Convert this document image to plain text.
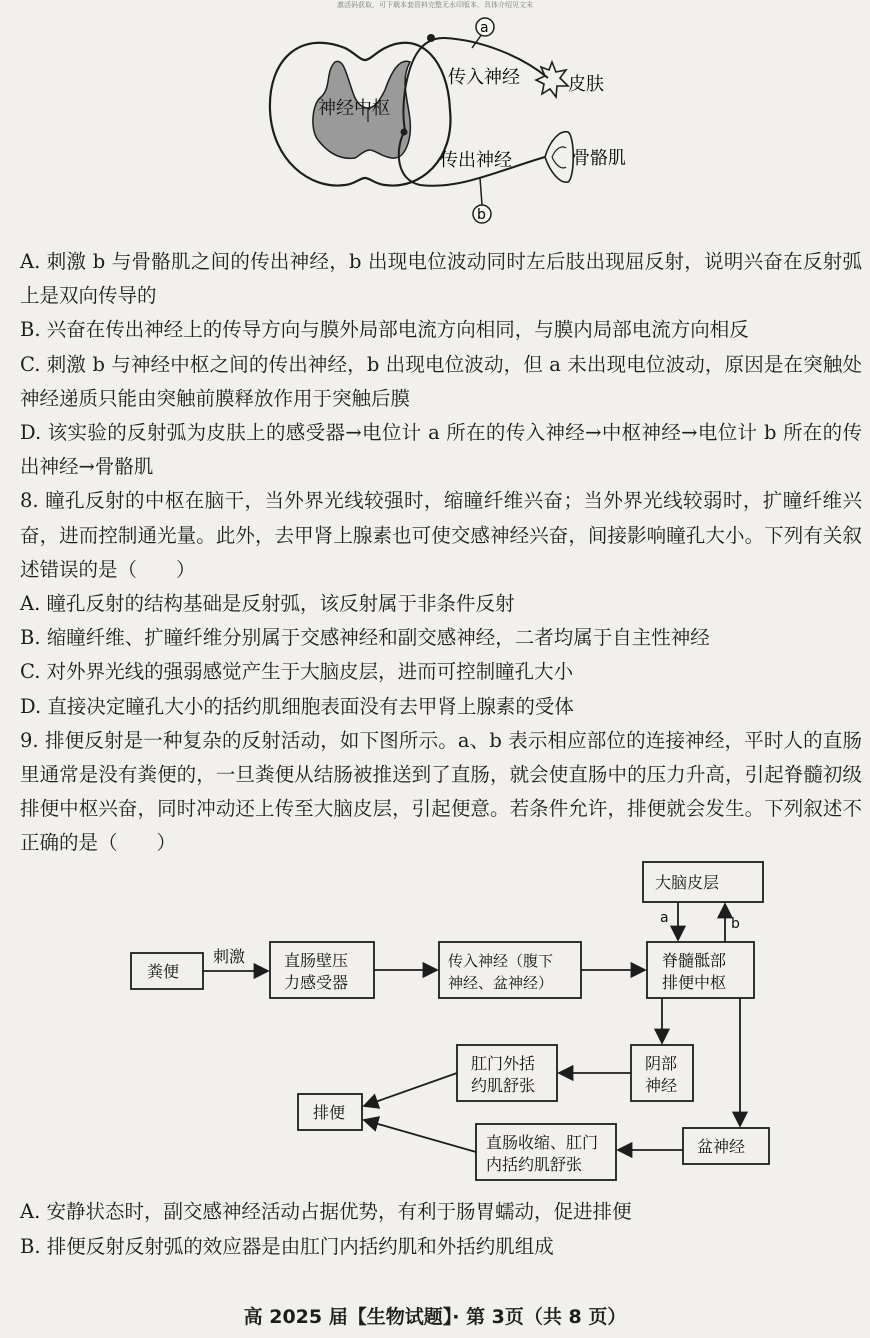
激活码获取，可下载本套资料完整无水印版本，具体介绍见文末
神经中枢
a
b
传入神经
传出神经
皮肤
骨骼肌

A. 刺激 b 与骨骼肌之间的传出神经，b 出现电位波动同时左后肢出现屈反射，说明兴奋在反射弧上是双向传导的

B. 兴奋在传出神经上的传导方向与膜外局部电流方向相同，与膜内局部电流方向相反

C. 刺激 b 与神经中枢之间的传出神经，b 出现电位波动，但 a 未出现电位波动，原因是在突触处神经递质只能由突触前膜释放作用于突触后膜

D. 该实验的反射弧为皮肤上的感受器→电位计 a 所在的传入神经→中枢神经→电位计 b 所在的传出神经→骨骼肌

8. 瞳孔反射的中枢在脑干，当外界光线较强时，缩瞳纤维兴奋；当外界光线较弱时，扩瞳纤维兴奋，进而控制通光量。此外，去甲肾上腺素也可使交感神经兴奋，间接影响瞳孔大小。下列有关叙述错误的是（　　）

A. 瞳孔反射的结构基础是反射弧，该反射属于非条件反射

B. 缩瞳纤维、扩瞳纤维分别属于交感神经和副交感神经，二者均属于自主性神经

C. 对外界光线的强弱感觉产生于大脑皮层，进而可控制瞳孔大小

D. 直接决定瞳孔大小的括约肌细胞表面没有去甲肾上腺素的受体

9. 排便反射是一种复杂的反射活动，如下图所示。a、b 表示相应部位的连接神经，平时人的直肠里通常是没有粪便的，一旦粪便从结肠被推送到了直肠，就会使直肠中的压力升高，引起脊髓初级排便中枢兴奋，同时冲动还上传至大脑皮层，引起便意。若条件允许，排便就会发生。下列叙述不正确的是（　　）

大脑皮层
a	b
粪便
刺激 直肠壁压
力感受器
传入神经（腹下
神经、盆神经）
脊髓骶部
排便中枢
阴部
神经
肛门外括
约肌舒张
排便
直肠收缩、肛门
内括约肌舒张
盆神经

A. 安静状态时，副交感神经活动占据优势，有利于肠胃蠕动，促进排便

B. 排便反射反射弧的效应器是由肛门内括约肌和外括约肌组成

高 2025 届【生物试题】· 第 3页（共 8 页）
